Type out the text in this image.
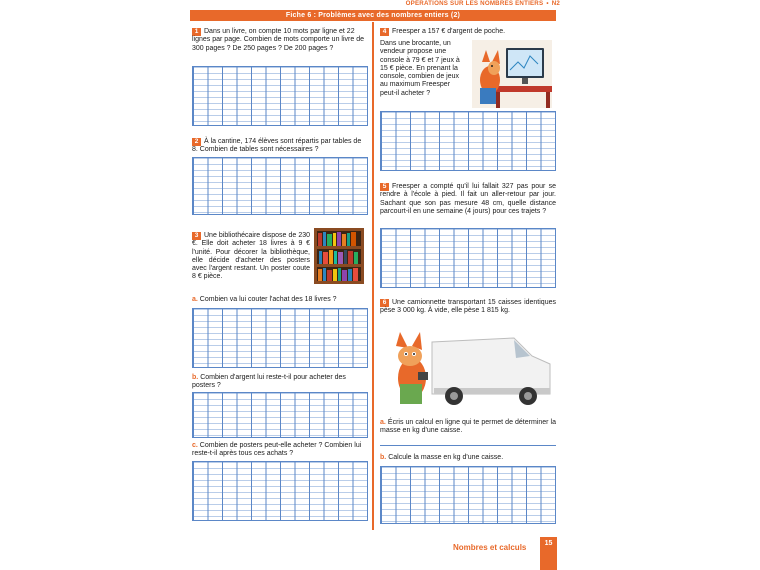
OPÉRATIONS SUR LES NOMBRES ENTIERS • N2
Fiche 6 : Problèmes avec des nombres entiers (2)

1 Dans un livre, on compte 10 mots par ligne et 22 lignes par page. Combien de mots comporte un livre de 300 pages ? De 250 pages ? De 200 pages ?

2 À la cantine, 174 élèves sont répartis par tables de 8. Combien de tables sont nécessaires ?

3 Une bibliothécaire dispose de 230 €. Elle doit acheter 18 livres à 9 € l'unité. Pour décorer la bibliothèque, elle décide d'acheter des posters avec l'argent restant. Un poster coute 8 € pièce.

a. Combien va lui couter l'achat des 18 livres ?
b. Combien d'argent lui reste-t-il pour acheter des posters ?
c. Combien de posters peut-elle acheter ? Combien lui reste-t-il après tous ces achats ?

4 Freesper a 157 € d'argent de poche.

Dans une brocante, un vendeur propose une console à 79 € et 7 jeux à 15 € pièce. En prenant la console, combien de jeux au maximum Freesper peut-il acheter ?

5 Freesper a compté qu'il lui fallait 327 pas pour se rendre à l'école à pied. Il fait un aller-retour par jour. Sachant que son pas mesure 48 cm, quelle distance parcourt-il en une semaine (4 jours) pour ces trajets ?

6 Une camionnette transportant 15 caisses identiques pèse 3 000 kg. À vide, elle pèse 1 815 kg.

a. Écris un calcul en ligne qui te permet de déterminer la masse en kg d'une caisse.
b. Calcule la masse en kg d'une caisse.
Nombres et calculs	15
